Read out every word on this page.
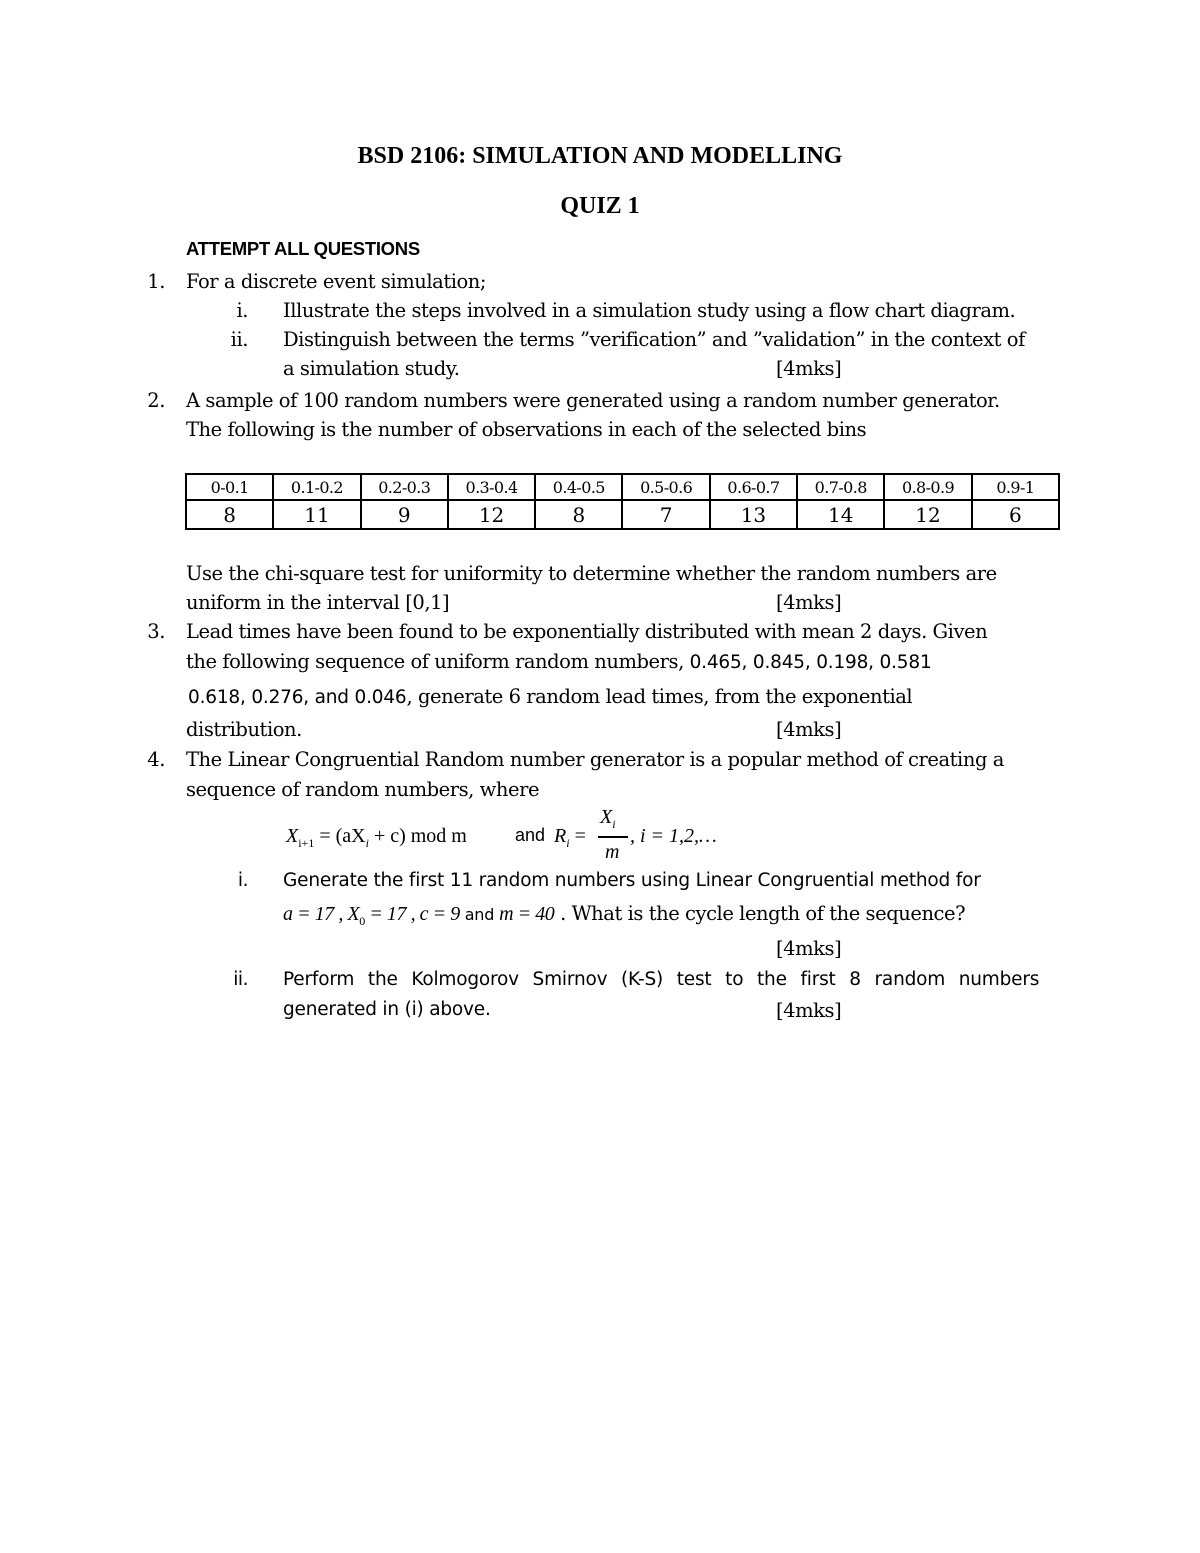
BSD 2106: SIMULATION AND MODELLING
QUIZ 1
ATTEMPT ALL QUESTIONS
1. For a discrete event simulation;
i. Illustrate the steps involved in a simulation study using a flow chart diagram.
ii. Distinguish between the terms ”verification” and ”validation” in the context of
a simulation study.	[4mks]
2. A sample of 100 random numbers were generated using a random number generator.
The following is the number of observations in each of the selected bins
0-0.1	0.1-0.2	0.2-0.3	0.3-0.4	0.4-0.5	0.5-0.6	0.6-0.7	0.7-0.8	0.8-0.9	0.9-1
8	11	9	12	8	7	13	14	12	6
Use the chi-square test for uniformity to determine whether the random numbers are
uniform in the interval [0,1]	[4mks]
3. Lead times have been found to be exponentially distributed with mean 2 days. Given
the following sequence of uniform random numbers, 0.465, 0.845, 0.198, 0.581
0.618, 0.276, and 0.046, generate 6 random lead times, from the exponential
distribution.	[4mks]
4. The Linear Congruential Random number generator is a popular method of creating a
sequence of random numbers, where
$X_{i+1} = (aX_i + c)$ mod m	and $R_i$ =
$X_i$
m
, i = 1,2,…
i. Generate the first 11 random numbers using Linear Congruential method for
a = 17 , $X_0 = 17$ , c = 9 and m = 40 . What is the cycle length of the sequence?
[4mks]
ii. Perform the Kolmogorov Smirnov (K-S) test to the first 8 random numbers
generated in (i) above.	[4mks]
